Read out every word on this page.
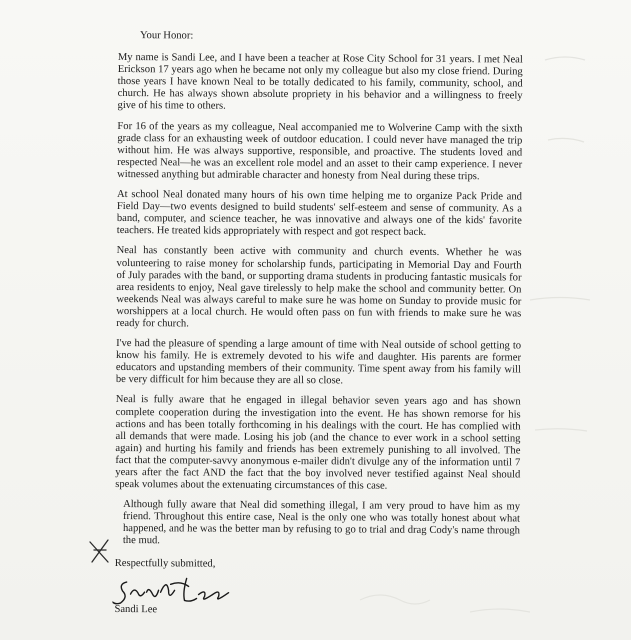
Your Honor:

My name is Sandi Lee, and I have been a teacher at Rose City School for 31 years. I met Neal Erickson 17 years ago when he became not only my colleague but also my close friend. During those years I have known Neal to be totally dedicated to his family, community, school, and church. He has always shown absolute propriety in his behavior and a willingness to freely give of his time to others.

For 16 of the years as my colleague, Neal accompanied me to Wolverine Camp with the sixth grade class for an exhausting week of outdoor education. I could never have managed the trip without him. He was always supportive, responsible, and proactive. The students loved and respected Neal—he was an excellent role model and an asset to their camp experience. I never witnessed anything but admirable character and honesty from Neal during these trips.

At school Neal donated many hours of his own time helping me to organize Pack Pride and Field Day—two events designed to build students' self-esteem and sense of community. As a band, computer, and science teacher, he was innovative and always one of the kids' favorite teachers. He treated kids appropriately with respect and got respect back.

Neal has constantly been active with community and church events. Whether he was volunteering to raise money for scholarship funds, participating in Memorial Day and Fourth of July parades with the band, or supporting drama students in producing fantastic musicals for area residents to enjoy, Neal gave tirelessly to help make the school and community better. On weekends Neal was always careful to make sure he was home on Sunday to provide music for worshippers at a local church. He would often pass on fun with friends to make sure he was ready for church.

I've had the pleasure of spending a large amount of time with Neal outside of school getting to know his family. He is extremely devoted to his wife and daughter. His parents are former educators and upstanding members of their community. Time spent away from his family will be very difficult for him because they are all so close.

Neal is fully aware that he engaged in illegal behavior seven years ago and has shown complete cooperation during the investigation into the event. He has shown remorse for his actions and has been totally forthcoming in his dealings with the court. He has complied with all demands that were made. Losing his job (and the chance to ever work in a school setting again) and hurting his family and friends has been extremely punishing to all involved. The fact that the computer-savvy anonymous e-mailer didn't divulge any of the information until 7 years after the fact AND the fact that the boy involved never testified against Neal should speak volumes about the extenuating circumstances of this case.

Although fully aware that Neal did something illegal, I am very proud to have him as my friend. Throughout this entire case, Neal is the only one who was totally honest about what happened, and he was the better man by refusing to go to trial and drag Cody's name through the mud.

Respectfully submitted,
Sandi Lee
